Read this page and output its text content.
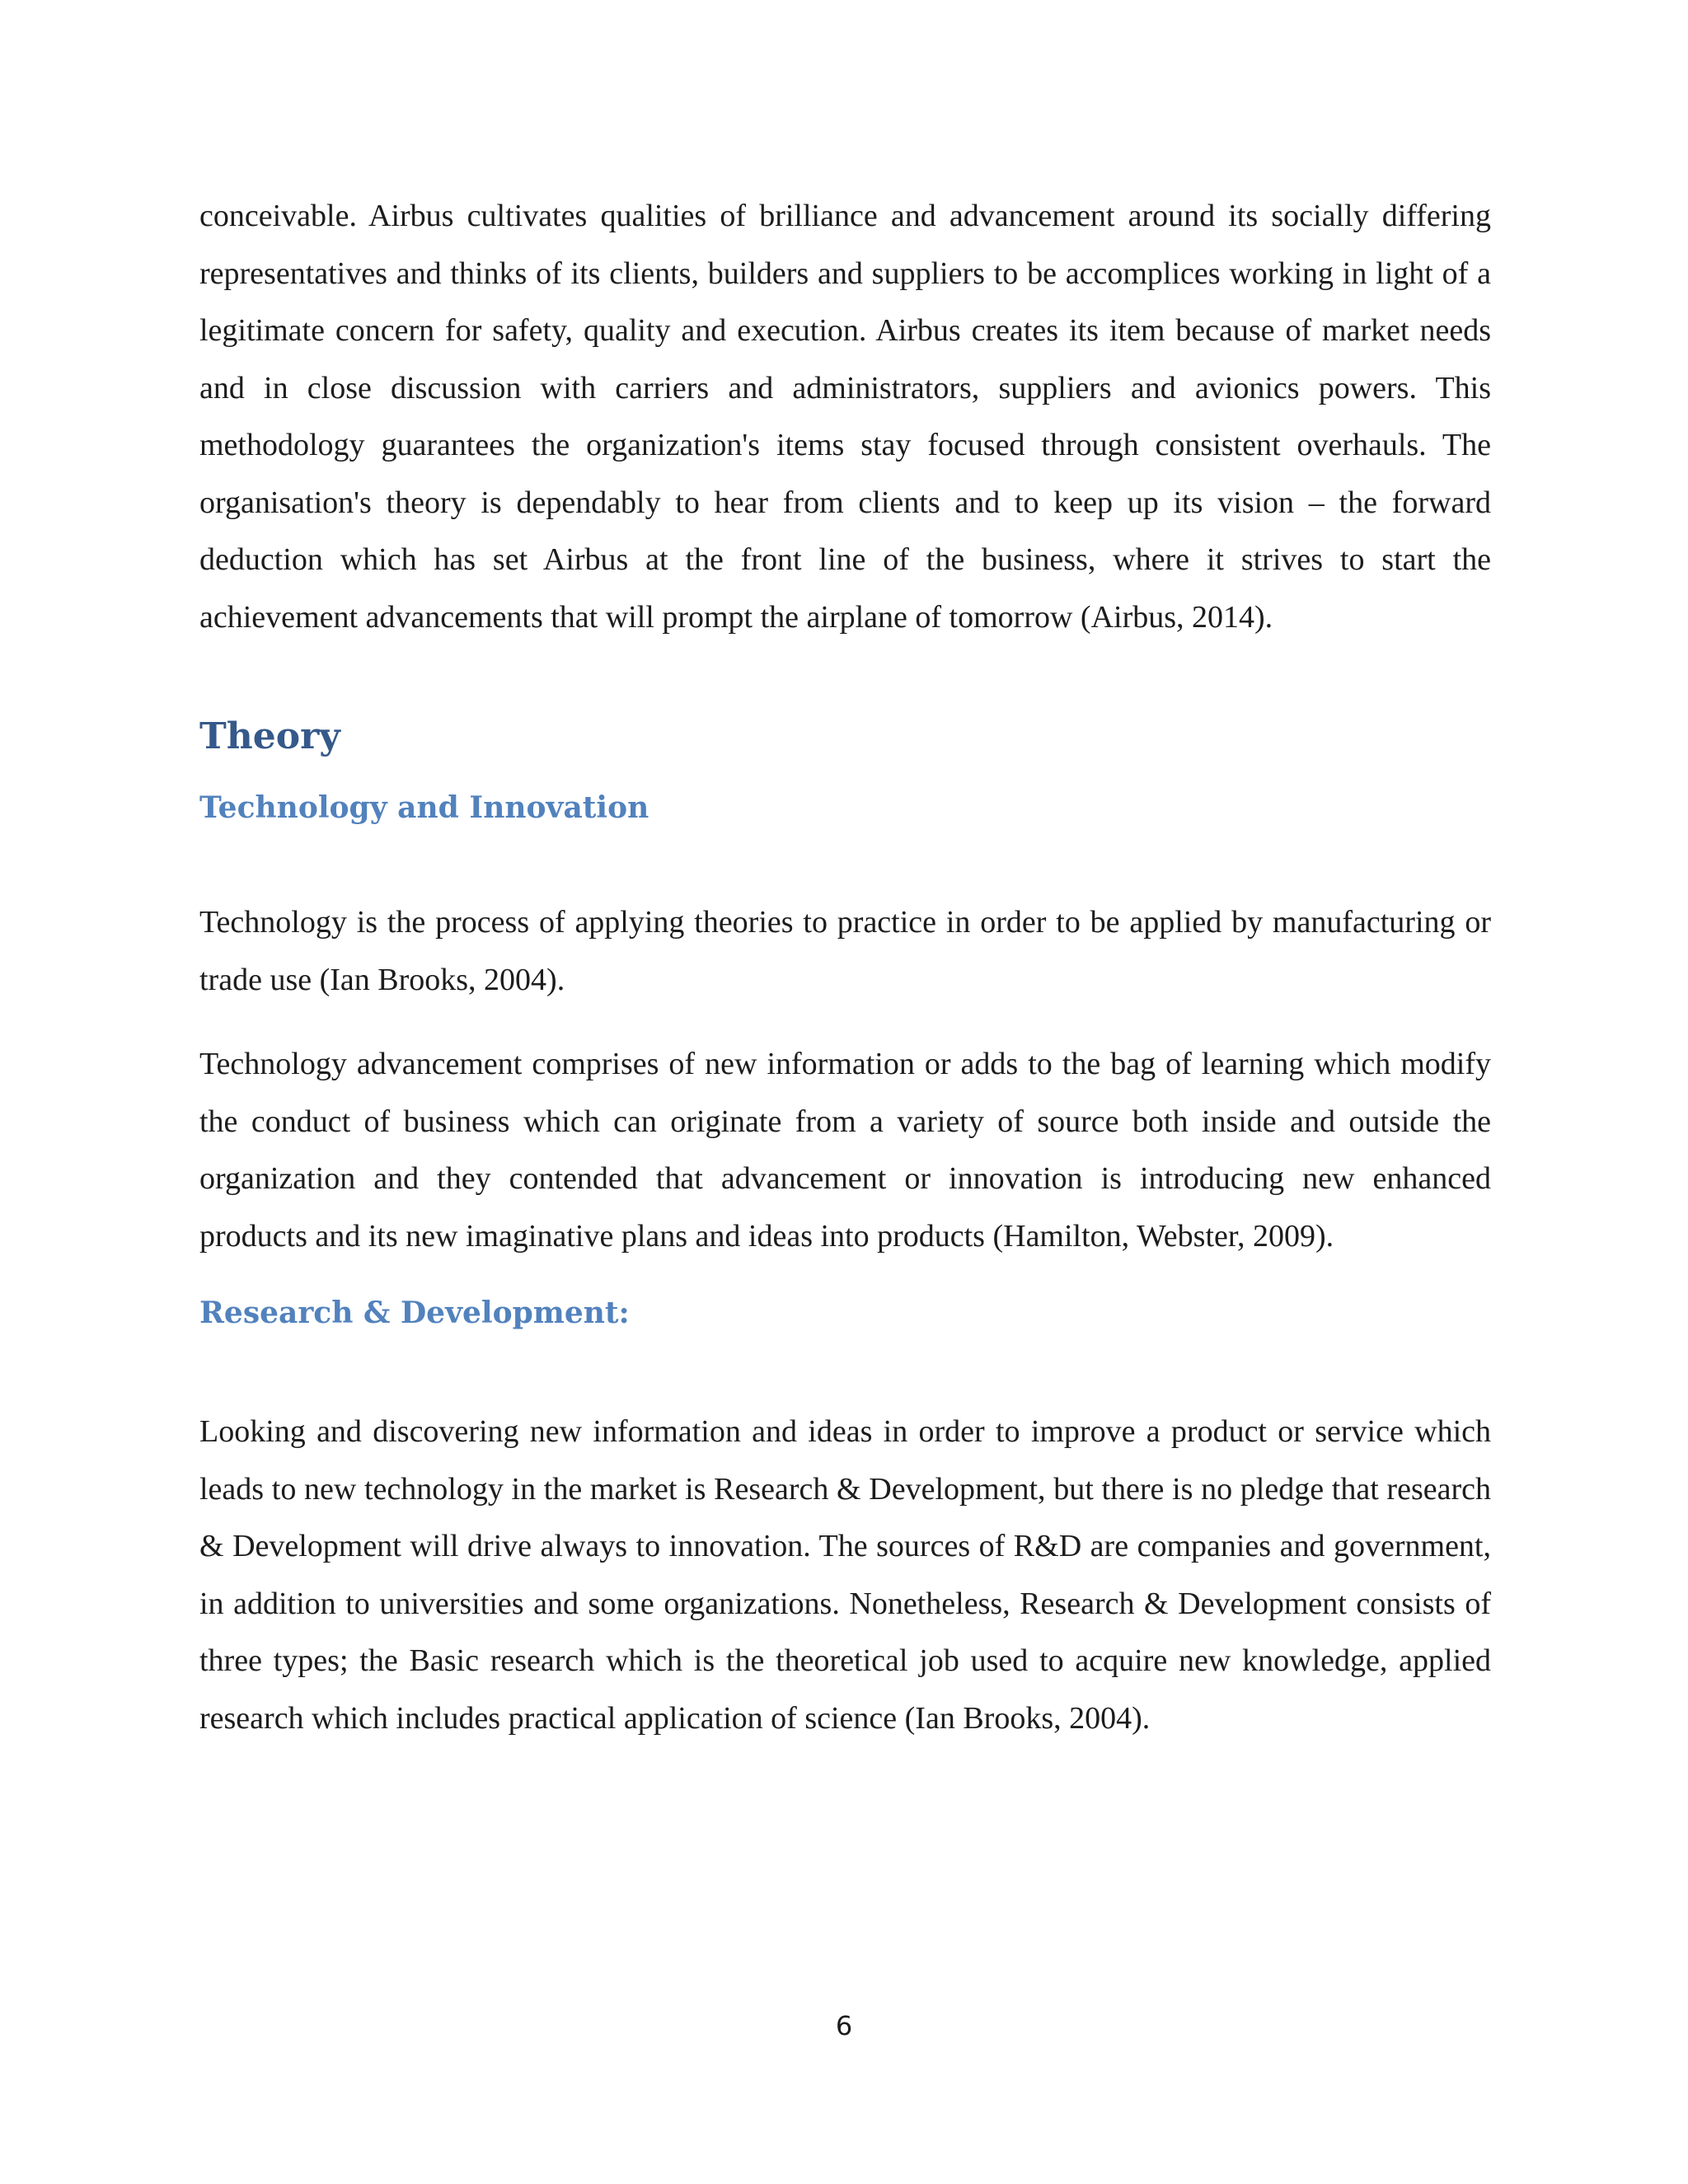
conceivable. Airbus cultivates qualities of brilliance and advancement around its socially differing representatives and thinks of its clients, builders and suppliers to be accomplices working in light of a legitimate concern for safety, quality and execution. Airbus creates its item because of market needs and in close discussion with carriers and administrators, suppliers and avionics powers. This methodology guarantees the organization's items stay focused through consistent overhauls. The organisation's theory is dependably to hear from clients and to keep up its vision – the forward deduction which has set Airbus at the front line of the business, where it strives to start the achievement advancements that will prompt the airplane of tomorrow (Airbus, 2014).

Theory
Technology and Innovation

Technology is the process of applying theories to practice in order to be applied by manufacturing or trade use (Ian Brooks, 2004).

Technology advancement comprises of new information or adds to the bag of learning which modify the conduct of business which can originate from a variety of source both inside and outside the organization and they contended that advancement or innovation is introducing new enhanced products and its new imaginative plans and ideas into products (Hamilton, Webster, 2009).

Research & Development:

Looking and discovering new information and ideas in order to improve a product or service which leads to new technology in the market is Research & Development, but there is no pledge that research & Development will drive always to innovation. The sources of R&D are companies and government, in addition to universities and some organizations. Nonetheless, Research & Development consists of three types; the Basic research which is the theoretical job used to acquire new knowledge, applied research which includes practical application of science (Ian Brooks, 2004).

6
